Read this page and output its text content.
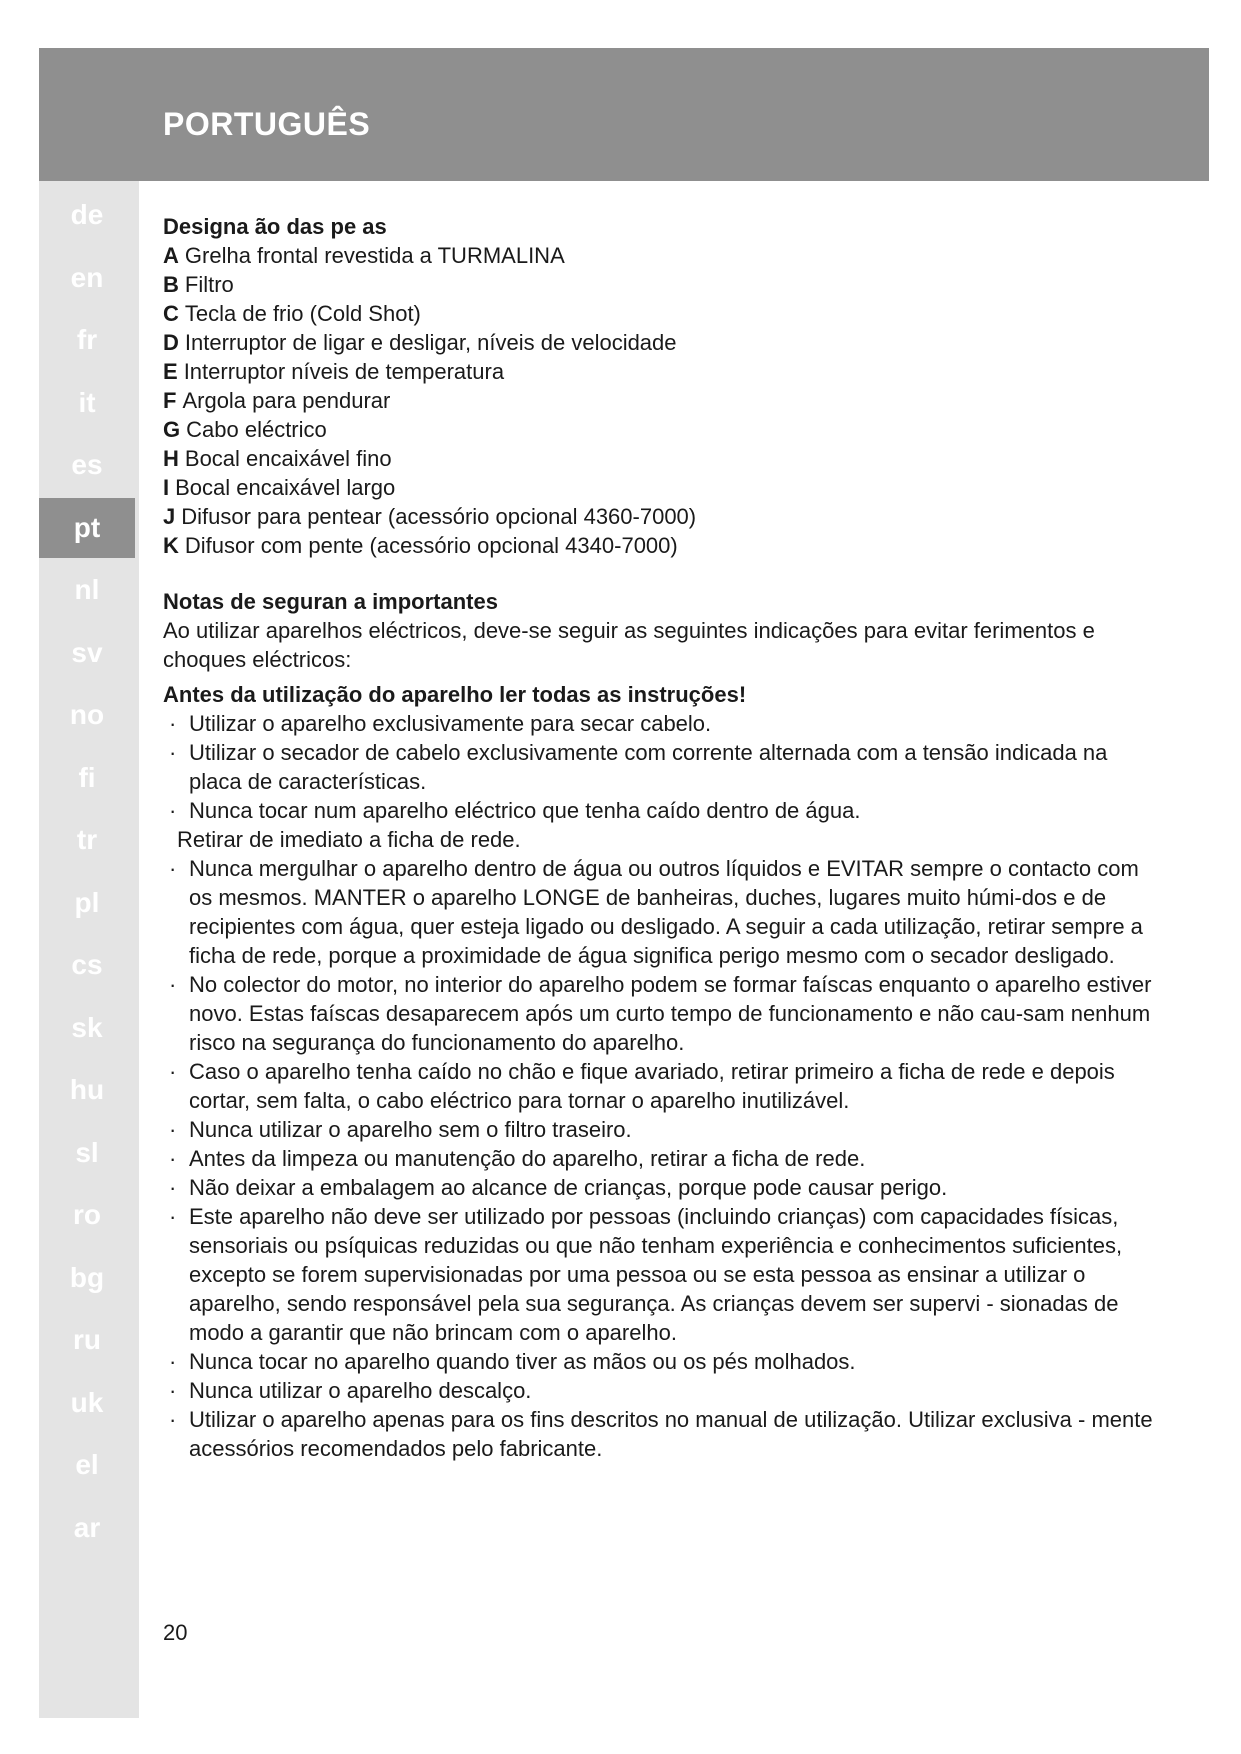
PORTUGUÊS
de
en
fr
it
es
pt
nl
sv
no
fi
tr
pl
cs
sk
hu
sl
ro
bg
ru
uk
el
ar

Designa ão das pe as

A Grelha frontal revestida a TURMALINA

B Filtro

C Tecla de frio (Cold Shot)

D Interruptor de ligar e desligar, níveis de velocidade

E Interruptor níveis de temperatura

F Argola para pendurar

G Cabo eléctrico

H Bocal encaixável fino

I Bocal encaixável largo

J Difusor para pentear (acessório opcional 4360-7000)

K Difusor com pente (acessório opcional 4340-7000)

Notas de seguran a importantes

Ao utilizar aparelhos eléctricos, deve-se seguir as seguintes indicações para evitar ferimentos e choques eléctricos:

Antes da utilização do aparelho ler todas as instruções!

· Utilizar o aparelho exclusivamente para secar cabelo.

· Utilizar o secador de cabelo exclusivamente com corrente alternada com a tensão indicada na placa de características.

· Nunca tocar num aparelho eléctrico que tenha caído dentro de água.

Retirar de imediato a ficha de rede.

· Nunca mergulhar o aparelho dentro de água ou outros líquidos e EVITAR sempre o contacto com os mesmos. MANTER o aparelho LONGE de banheiras, duches, lugares muito húmi-dos e de recipientes com água, quer esteja ligado ou desligado. A seguir a cada utilização, retirar sempre a ficha de rede, porque a proximidade de água significa perigo mesmo com o secador desligado.

· No colector do motor, no interior do aparelho podem se formar faíscas enquanto o aparelho estiver novo. Estas faíscas desaparecem após um curto tempo de funcionamento e não cau-sam nenhum risco na segurança do funcionamento do aparelho.

· Caso o aparelho tenha caído no chão e fique avariado, retirar primeiro a ficha de rede e depois cortar, sem falta, o cabo eléctrico para tornar o aparelho inutilizável.

· Nunca utilizar o aparelho sem o filtro traseiro.

· Antes da limpeza ou manutenção do aparelho, retirar a ficha de rede.

· Não deixar a embalagem ao alcance de crianças, porque pode causar perigo.

· Este aparelho não deve ser utilizado por pessoas (incluindo crianças) com capacidades físicas, sensoriais ou psíquicas reduzidas ou que não tenham experiência e conhecimentos suficientes, excepto se forem supervisionadas por uma pessoa ou se esta pessoa as ensinar a utilizar o aparelho, sendo responsável pela sua segurança. As crianças devem ser supervi - sionadas de modo a garantir que não brincam com o aparelho.

· Nunca tocar no aparelho quando tiver as mãos ou os pés molhados.

· Nunca utilizar o aparelho descalço.

· Utilizar o aparelho apenas para os fins descritos no manual de utilização. Utilizar exclusiva - mente acessórios recomendados pelo fabricante.

20
